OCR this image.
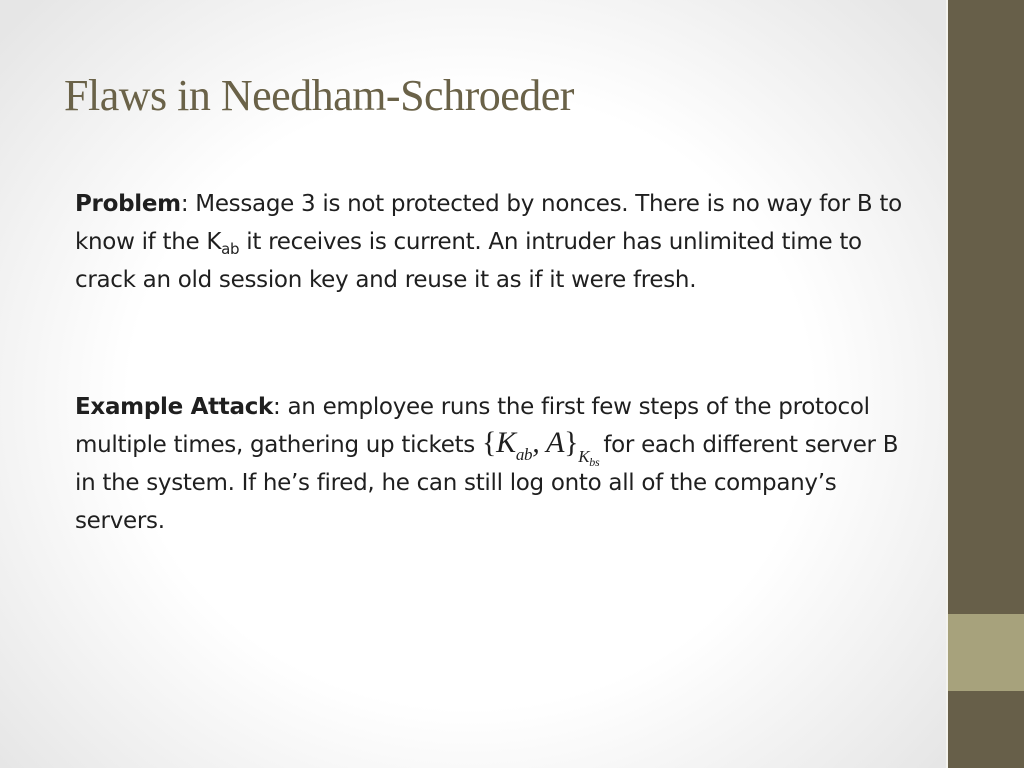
Flaws in Needham-Schroeder
Problem: Message 3 is not protected by nonces. There is no way for B to know if the $K_{ab}$ it receives is current. An intruder has unlimited time to crack an old session key and reuse it as if it were fresh.
Example Attack: an employee runs the first few steps of the protocol multiple times, gathering up tickets {$K_{ab}$, $A\}_{K_{bs}}for$ each different server B in the system. If he’s fired, he can still log onto all of the company’s servers.
